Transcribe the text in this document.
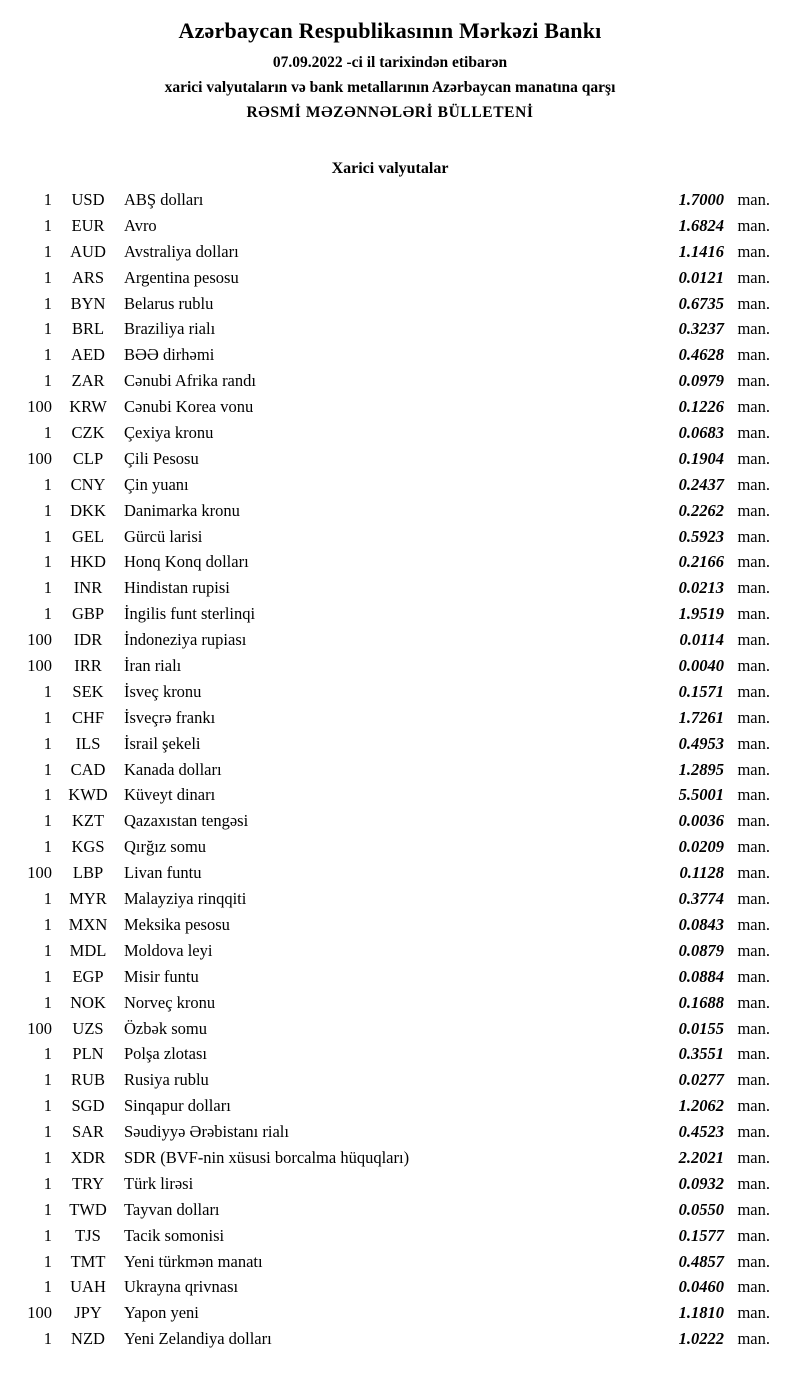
Azərbaycan Respublikasının Mərkəzi Bankı
07.09.2022 -ci il tarixindən etibarən
xarici valyutaların və bank metallarının Azərbaycan manatına qarşı
RƏSMİ MƏZƏNNƏLƏRİ BÜLLETENİ
Xarici valyutalar
1	USD	ABŞ dolları	1.7000 man.
1	EUR	Avro	1.6824 man.
1	AUD	Avstraliya dolları	1.1416 man.
1	ARS	Argentina pesosu	0.0121 man.
1	BYN	Belarus rublu	0.6735 man.
1	BRL	Braziliya rialı	0.3237 man.
1	AED	BƏƏ dirhəmi	0.4628 man.
1	ZAR	Cənubi Afrika randı	0.0979 man.
100	KRW	Cənubi Korea vonu	0.1226 man.
1	CZK	Çexiya kronu	0.0683 man.
100	CLP	Çili Pesosu	0.1904 man.
1	CNY	Çin yuanı	0.2437 man.
1	DKK	Danimarka kronu	0.2262 man.
1	GEL	Gürcü larisi	0.5923 man.
1	HKD	Honq Konq dolları	0.2166 man.
1	INR	Hindistan rupisi	0.0213 man.
1	GBP	İngilis funt sterlinqi	1.9519 man.
100	IDR	İndoneziya rupiası	0.0114 man.
100	IRR	İran rialı	0.0040 man.
1	SEK	İsveç kronu	0.1571 man.
1	CHF	İsveçrə frankı	1.7261 man.
1	ILS	İsrail şekeli	0.4953 man.
1	CAD	Kanada dolları	1.2895 man.
1 KWD Küveyt dinarı	5.5001 man.
1	KZT	Qazaxıstan tengəsi	0.0036 man.
1	KGS	Qırğız somu	0.0209 man.
100	LBP	Livan funtu	0.1128 man.
1	MYR	Malayziya rinqqiti	0.3774 man.
1	MXN	Meksika pesosu	0.0843 man.
1	MDL	Moldova leyi	0.0879 man.
1	EGP	Misir funtu	0.0884 man.
1	NOK	Norveç kronu	0.1688 man.
100	UZS	Özbək somu	0.0155 man.
1	PLN	Polşa zlotası	0.3551 man.
1	RUB	Rusiya rublu	0.0277 man.
1	SGD	Sinqapur dolları	1.2062 man.
1	SAR	Səudiyyə Ərəbistanı rialı	0.4523 man.
1	XDR	SDR (BVF-nin xüsusi borcalma hüquqları)	2.2021 man.
1	TRY	Türk lirəsi	0.0932 man.
1	TWD	Tayvan dolları	0.0550 man.
1	TJS	Tacik somonisi	0.1577 man.
1	TMT	Yeni türkmən manatı	0.4857 man.
1	UAH	Ukrayna qrivnası	0.0460 man.
100	JPY	Yapon yeni	1.1810 man.
1	NZD	Yeni Zelandiya dolları	1.0222 man.
